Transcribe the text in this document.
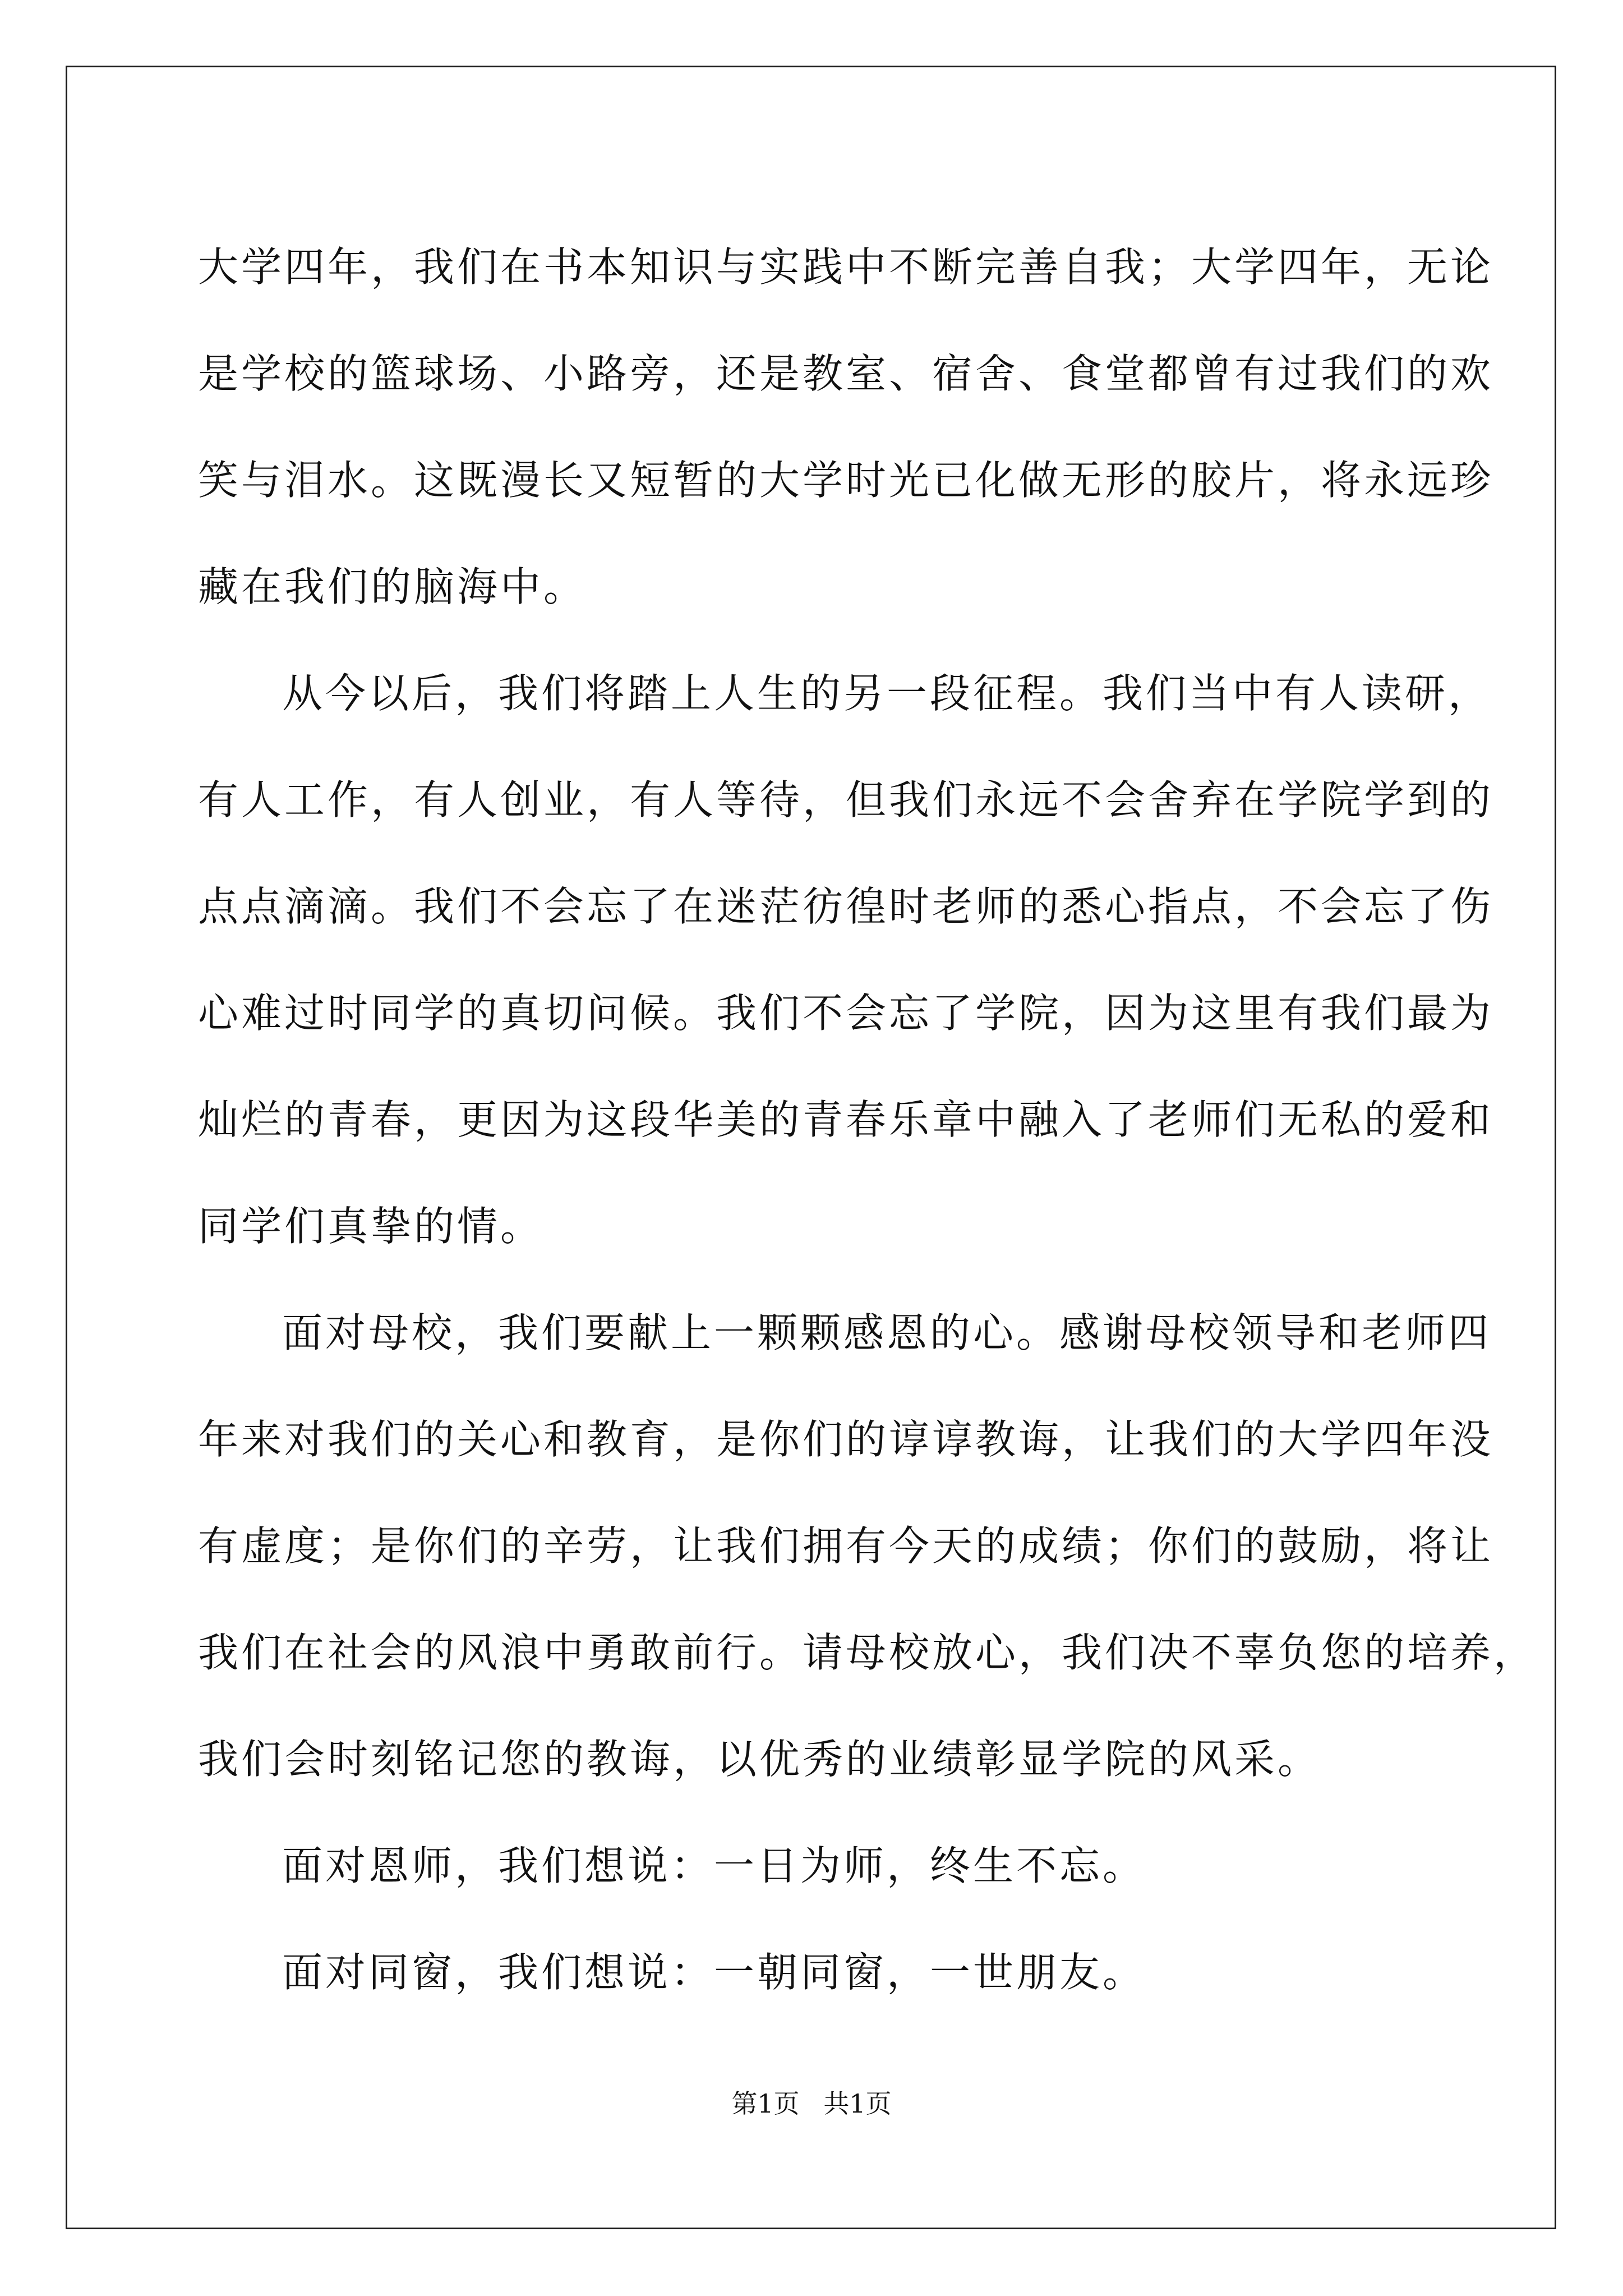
大学四年，我们在书本知识与实践中不断完善自我；大学四年，无论
是学校的篮球场、小路旁，还是教室、宿舍、食堂都曾有过我们的欢
笑与泪水。这既漫长又短暂的大学时光已化做无形的胶片，将永远珍
藏在我们的脑海中。
从今以后，我们将踏上人生的另一段征程。我们当中有人读研，
有人工作，有人创业，有人等待，但我们永远不会舍弃在学院学到的
点点滴滴。我们不会忘了在迷茫彷徨时老师的悉心指点，不会忘了伤
心难过时同学的真切问候。我们不会忘了学院，因为这里有我们最为
灿烂的青春，更因为这段华美的青春乐章中融入了老师们无私的爱和
同学们真挚的情。
面对母校，我们要献上一颗颗感恩的心。感谢母校领导和老师四
年来对我们的关心和教育，是你们的谆谆教诲，让我们的大学四年没
有虚度；是你们的辛劳，让我们拥有今天的成绩；你们的鼓励，将让
我们在社会的风浪中勇敢前行。请母校放心，我们决不辜负您的培养，
我们会时刻铭记您的教诲，以优秀的业绩彰显学院的风采。
面对恩师，我们想说：一日为师，终生不忘。
面对同窗，我们想说：一朝同窗，一世朋友。
第1页 共1页
